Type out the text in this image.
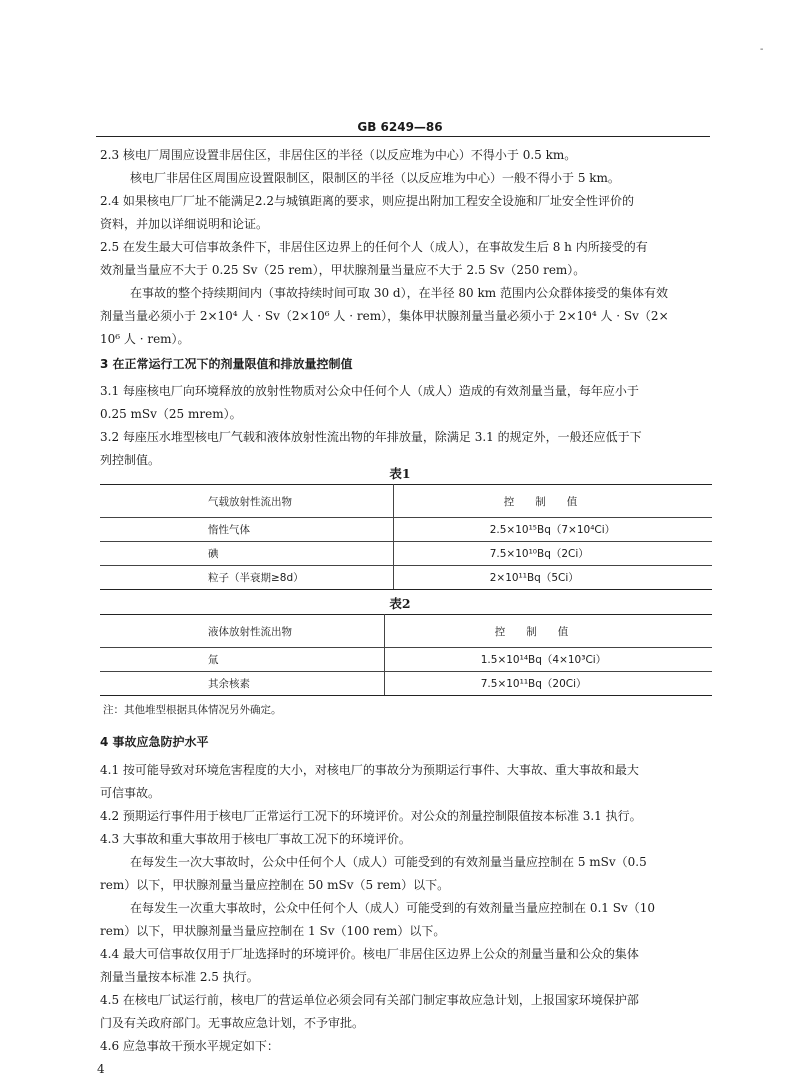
GB 6249—86
2.3 核电厂周围应设置非居住区，非居住区的半径（以反应堆为中心）不得小于 0.5 km。
核电厂非居住区周围应设置限制区，限制区的半径（以反应堆为中心）一般不得小于 5 km。
2.4 如果核电厂厂址不能满足2.2与城镇距离的要求，则应提出附加工程安全设施和厂址安全性评价的
资料，并加以详细说明和论证。
2.5 在发生最大可信事故条件下，非居住区边界上的任何个人（成人），在事故发生后 8 h 内所接受的有
效剂量当量应不大于 0.25 Sv（25 rem），甲状腺剂量当量应不大于 2.5 Sv（250 rem）。
在事故的整个持续期间内（事故持续时间可取 30 d），在半径 80 km 范围内公众群体接受的集体有效
剂量当量必须小于 2×10⁴ 人 · Sv（2×10⁶ 人 · rem），集体甲状腺剂量当量必须小于 2×10⁴ 人 · Sv（2×
10⁶ 人 · rem）。
3 在正常运行工况下的剂量限值和排放量控制值
3.1 每座核电厂向环境释放的放射性物质对公众中任何个人（成人）造成的有效剂量当量，每年应小于
0.25 mSv（25 mrem）。
3.2 每座压水堆型核电厂气载和液体放射性流出物的年排放量，除满足 3.1 的规定外，一般还应低于下
列控制值。
表1
气载放射性流出物	控　　制　　值
惰性气体	2.5×10¹⁵Bq（7×10⁴Ci）
碘	7.5×10¹⁰Bq（2Ci）
粒子（半衰期≥8d）	2×10¹¹Bq（5Ci）
表2
液体放射性流出物	控　　制　　值
氚	1.5×10¹⁴Bq（4×10³Ci）
其余核素	7.5×10¹¹Bq（20Ci）
注：其他堆型根据具体情况另外确定。
4 事故应急防护水平
4.1 按可能导致对环境危害程度的大小，对核电厂的事故分为预期运行事件、大事故、重大事故和最大
可信事故。
4.2 预期运行事件用于核电厂正常运行工况下的环境评价。对公众的剂量控制限值按本标准 3.1 执行。
4.3 大事故和重大事故用于核电厂事故工况下的环境评价。
在每发生一次大事故时，公众中任何个人（成人）可能受到的有效剂量当量应控制在 5 mSv（0.5
rem）以下，甲状腺剂量当量应控制在 50 mSv（5 rem）以下。
在每发生一次重大事故时，公众中任何个人（成人）可能受到的有效剂量当量应控制在 0.1 Sv（10
rem）以下，甲状腺剂量当量应控制在 1 Sv（100 rem）以下。
4.4 最大可信事故仅用于厂址选择时的环境评价。核电厂非居住区边界上公众的剂量当量和公众的集体
剂量当量按本标准 2.5 执行。
4.5 在核电厂试运行前，核电厂的营运单位必须会同有关部门制定事故应急计划，上报国家环境保护部
门及有关政府部门。无事故应急计划，不予审批。
4.6 应急事故干预水平规定如下：
4
-
